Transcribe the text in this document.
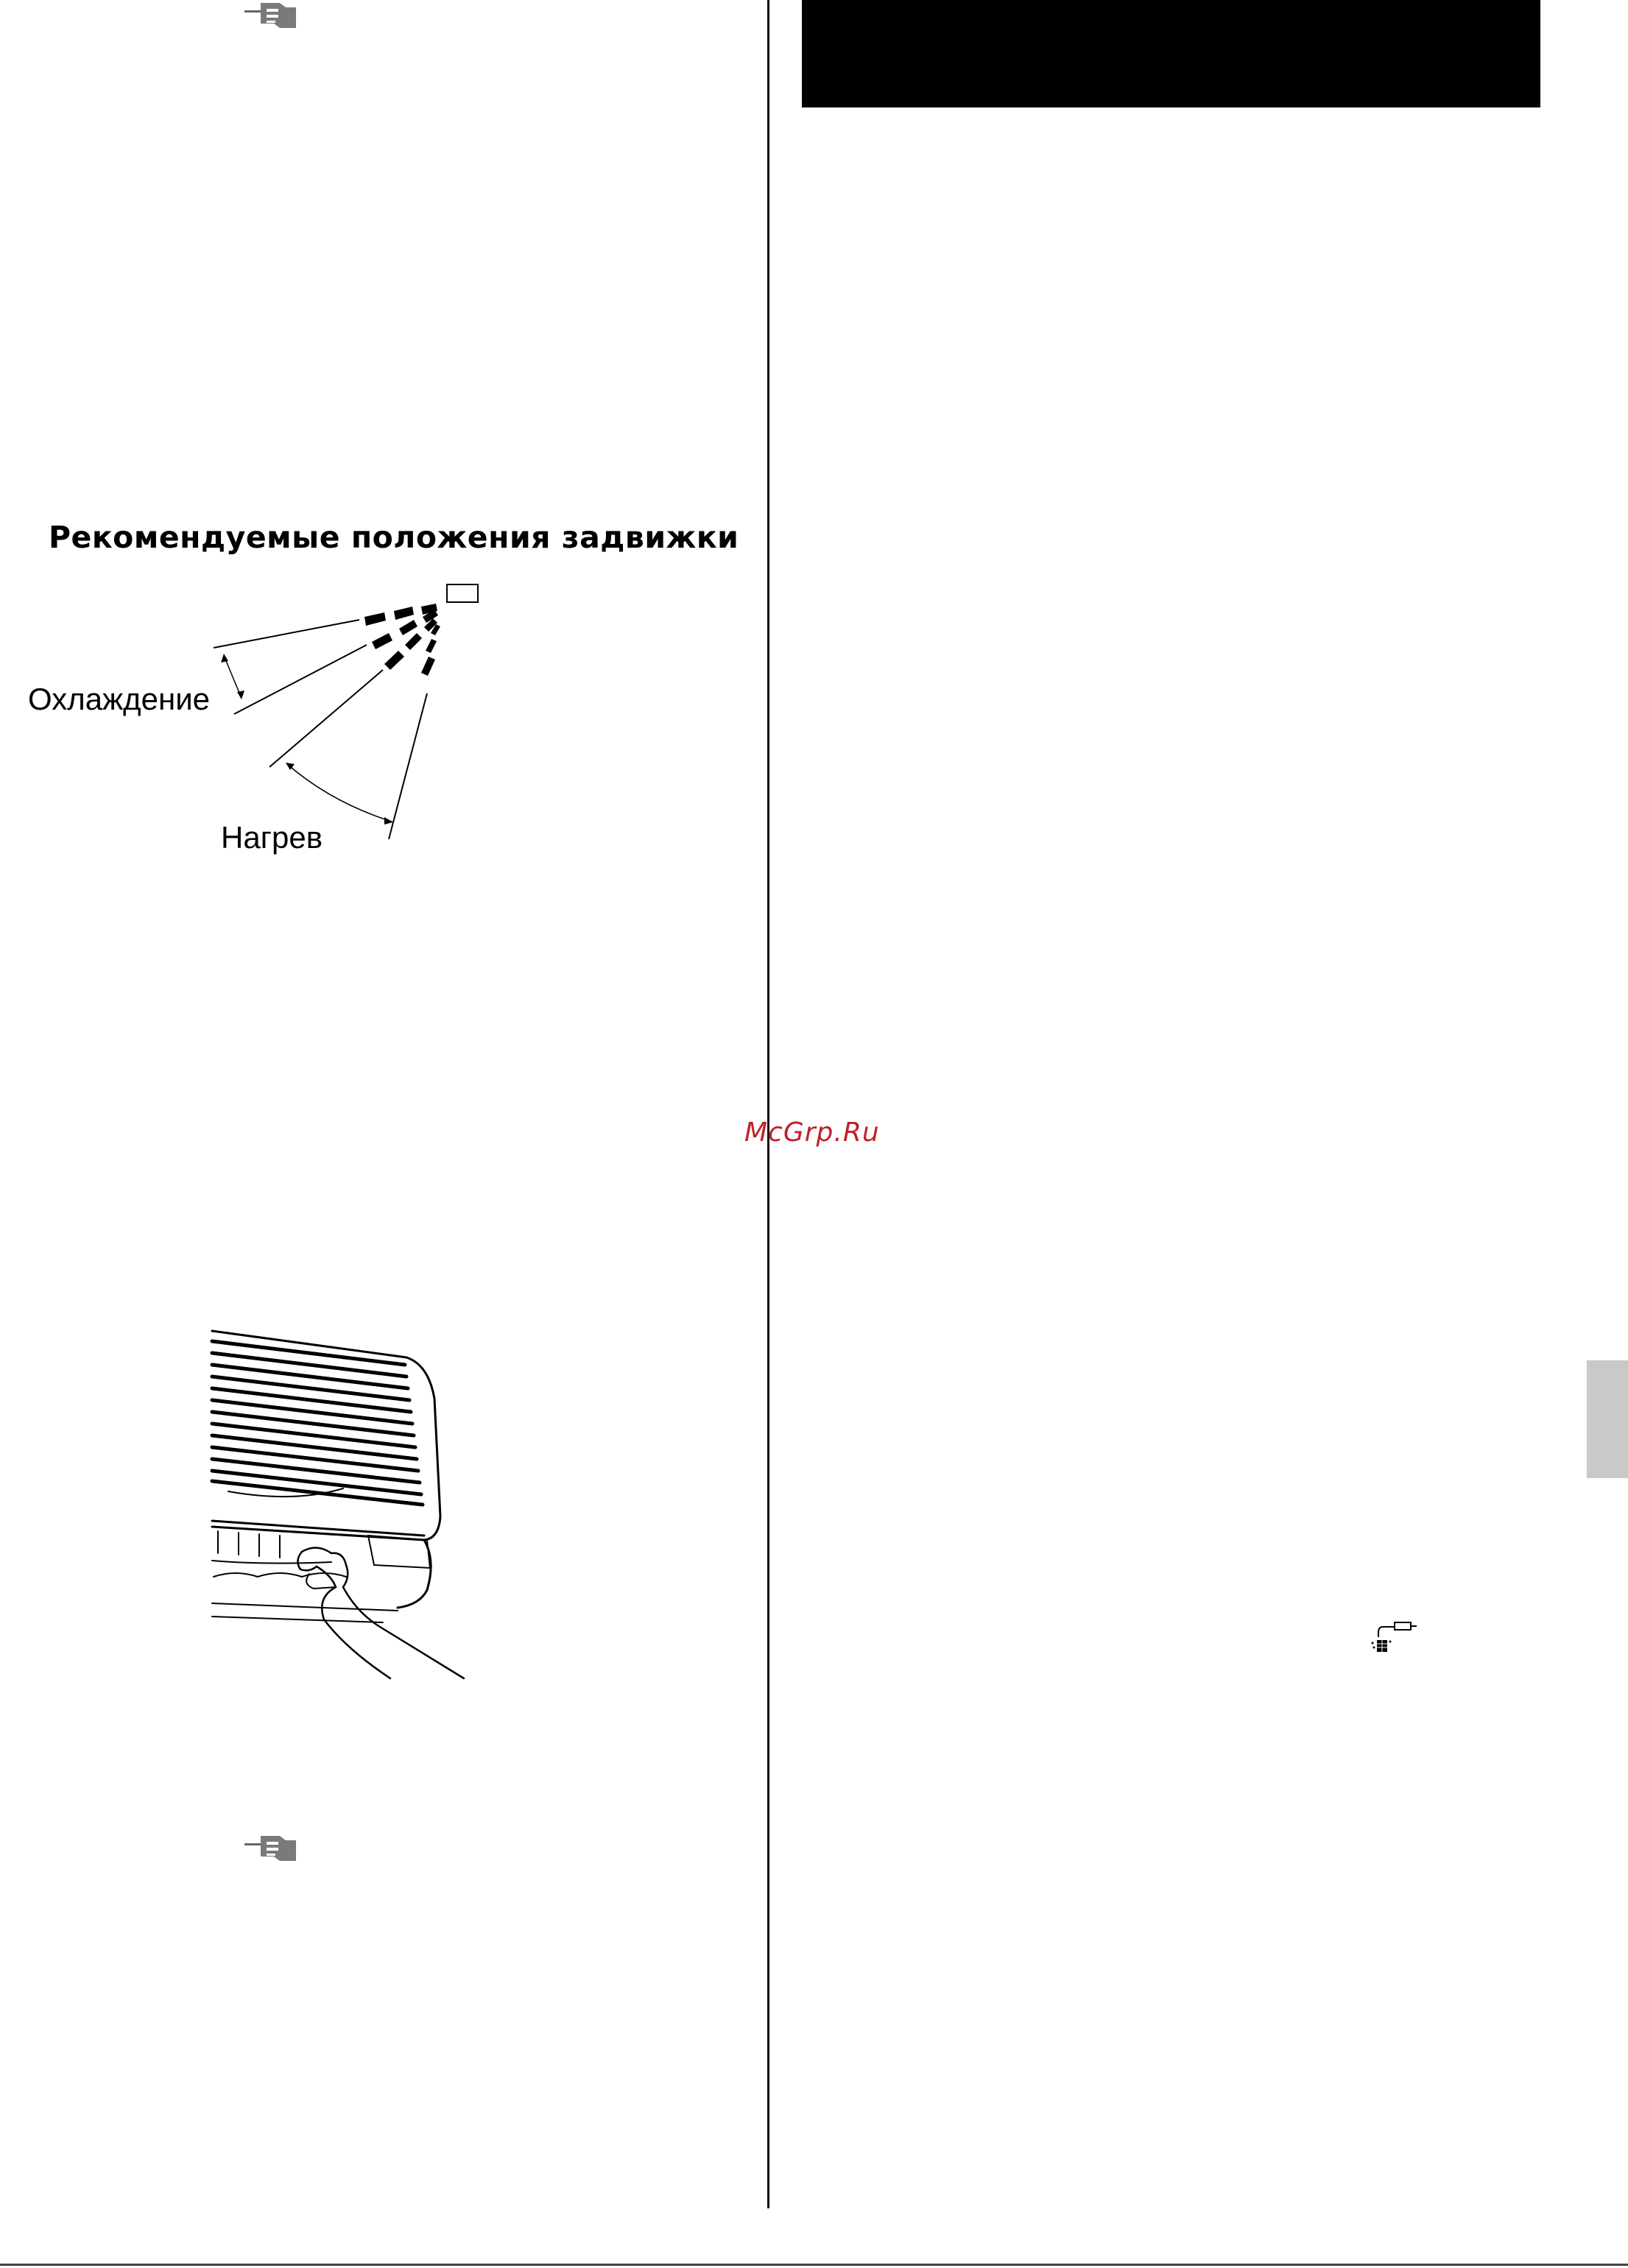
Рекомендуемые положения задвижки
Охлаждение
Нагрев
McGrp.Ru
